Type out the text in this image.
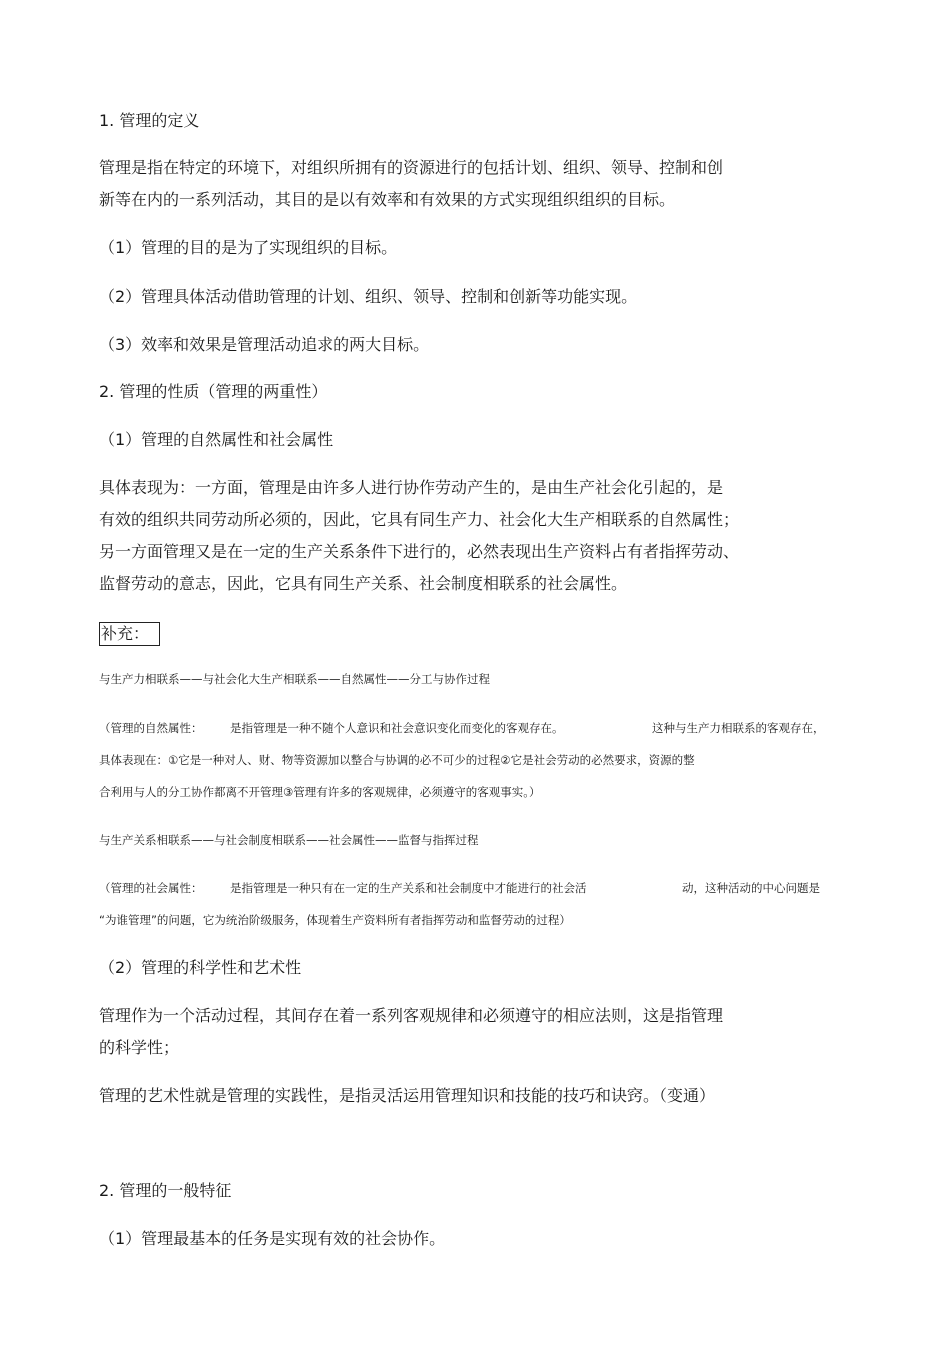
1. 管理的定义
管理是指在特定的环境下，对组织所拥有的资源进行的包括计划、组织、领导、控制和创
新等在内的一系列活动，其目的是以有效率和有效果的方式实现组织组织的目标。
（1）管理的目的是为了实现组织的目标。
（2）管理具体活动借助管理的计划、组织、领导、控制和创新等功能实现。
（3）效率和效果是管理活动追求的两大目标。
2. 管理的性质（管理的两重性）
（1）管理的自然属性和社会属性
具体表现为：一方面，管理是由许多人进行协作劳动产生的，是由生产社会化引起的，是
有效的组织共同劳动所必须的，因此，它具有同生产力、社会化大生产相联系的自然属性；
另一方面管理又是在一定的生产关系条件下进行的，必然表现出生产资料占有者指挥劳动、
监督劳动的意志，因此，它具有同生产关系、社会制度相联系的社会属性。
补充：
与生产力相联系——与社会化大生产相联系——自然属性——分工与协作过程
（管理的自然属性： 是指管理是一种不随个人意识和社会意识变化而变化的客观存在。	这种与生产力相联系的客观存在，
具体表现在：①它是一种对人、财、物等资源加以整合与协调的必不可少的过程②它是社会劳动的必然要求，资源的整
合利用与人的分工协作都离不开管理③管理有许多的客观规律，必须遵守的客观事实。）
与生产关系相联系——与社会制度相联系——社会属性——监督与指挥过程
（管理的社会属性： 是指管理是一种只有在一定的生产关系和社会制度中才能进行的社会活	动，这种活动的中心问题是
“为谁管理”的问题，它为统治阶级服务，体现着生产资料所有者指挥劳动和监督劳动的过程）
（2）管理的科学性和艺术性
管理作为一个活动过程，其间存在着一系列客观规律和必须遵守的相应法则，这是指管理
的科学性；
管理的艺术性就是管理的实践性，是指灵活运用管理知识和技能的技巧和诀窍。（变通）
2. 管理的一般特征
（1）管理最基本的任务是实现有效的社会协作。
